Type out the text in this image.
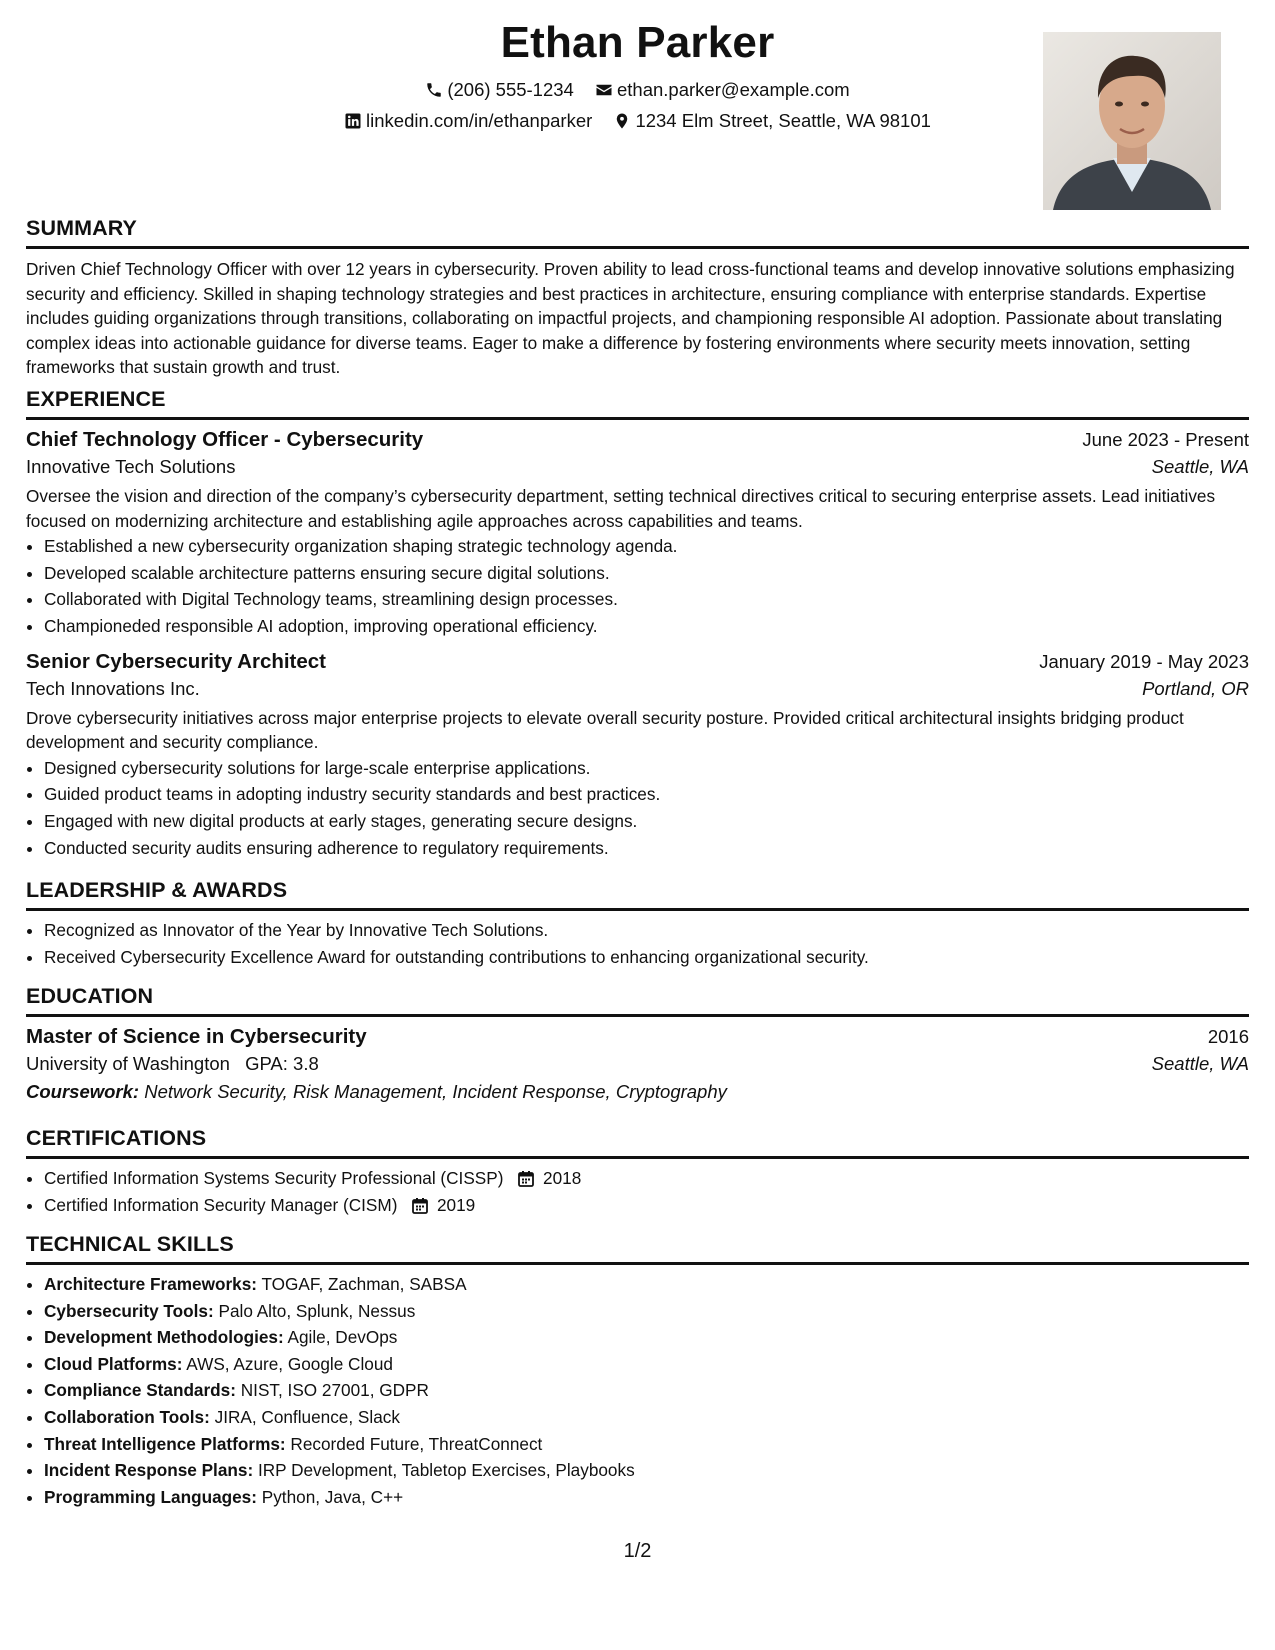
Ethan Parker
(206) 555-1234
ethan.parker@example.com
linkedin.com/in/ethanparker
1234 Elm Street, Seattle, WA 98101
SUMMARY
Driven Chief Technology Officer with over 12 years in cybersecurity. Proven ability to lead cross-functional teams and develop innovative solutions emphasizing security and efficiency. Skilled in shaping technology strategies and best practices in architecture, ensuring compliance with enterprise standards. Expertise includes guiding organizations through transitions, collaborating on impactful projects, and championing responsible AI adoption. Passionate about translating complex ideas into actionable guidance for diverse teams. Eager to make a difference by fostering environments where security meets innovation, setting frameworks that sustain growth and trust.
EXPERIENCE
Chief Technology Officer - Cybersecurity	June 2023 - Present
Innovative Tech Solutions	Seattle, WA
Oversee the vision and direction of the company’s cybersecurity department, setting technical directives critical to securing enterprise assets. Lead initiatives focused on modernizing architecture and establishing agile approaches across capabilities and teams.
• Established a new cybersecurity organization shaping strategic technology agenda.
• Developed scalable architecture patterns ensuring secure digital solutions.
• Collaborated with Digital Technology teams, streamlining design processes.
• Championeded responsible AI adoption, improving operational efficiency.
Senior Cybersecurity Architect	January 2019 - May 2023
Tech Innovations Inc.	Portland, OR
Drove cybersecurity initiatives across major enterprise projects to elevate overall security posture. Provided critical architectural insights bridging product development and security compliance.
• Designed cybersecurity solutions for large-scale enterprise applications.
• Guided product teams in adopting industry security standards and best practices.
• Engaged with new digital products at early stages, generating secure designs.
• Conducted security audits ensuring adherence to regulatory requirements.
LEADERSHIP & AWARDS
• Recognized as Innovator of the Year by Innovative Tech Solutions.
• Received Cybersecurity Excellence Award for outstanding contributions to enhancing organizational security.
EDUCATION
Master of Science in Cybersecurity	2016
University of Washington GPA: 3.8	Seattle, WA
Coursework: Network Security, Risk Management, Incident Response, Cryptography
CERTIFICATIONS
• Certified Information Systems Security Professional (CISSP) 2018
• Certified Information Security Manager (CISM) 2019
TECHNICAL SKILLS
• Architecture Frameworks: TOGAF, Zachman, SABSA
• Cybersecurity Tools: Palo Alto, Splunk, Nessus
• Development Methodologies: Agile, DevOps
• Cloud Platforms: AWS, Azure, Google Cloud
• Compliance Standards: NIST, ISO 27001, GDPR
• Collaboration Tools: JIRA, Confluence, Slack
• Threat Intelligence Platforms: Recorded Future, ThreatConnect
• Incident Response Plans: IRP Development, Tabletop Exercises, Playbooks
• Programming Languages: Python, Java, C++
1/2
